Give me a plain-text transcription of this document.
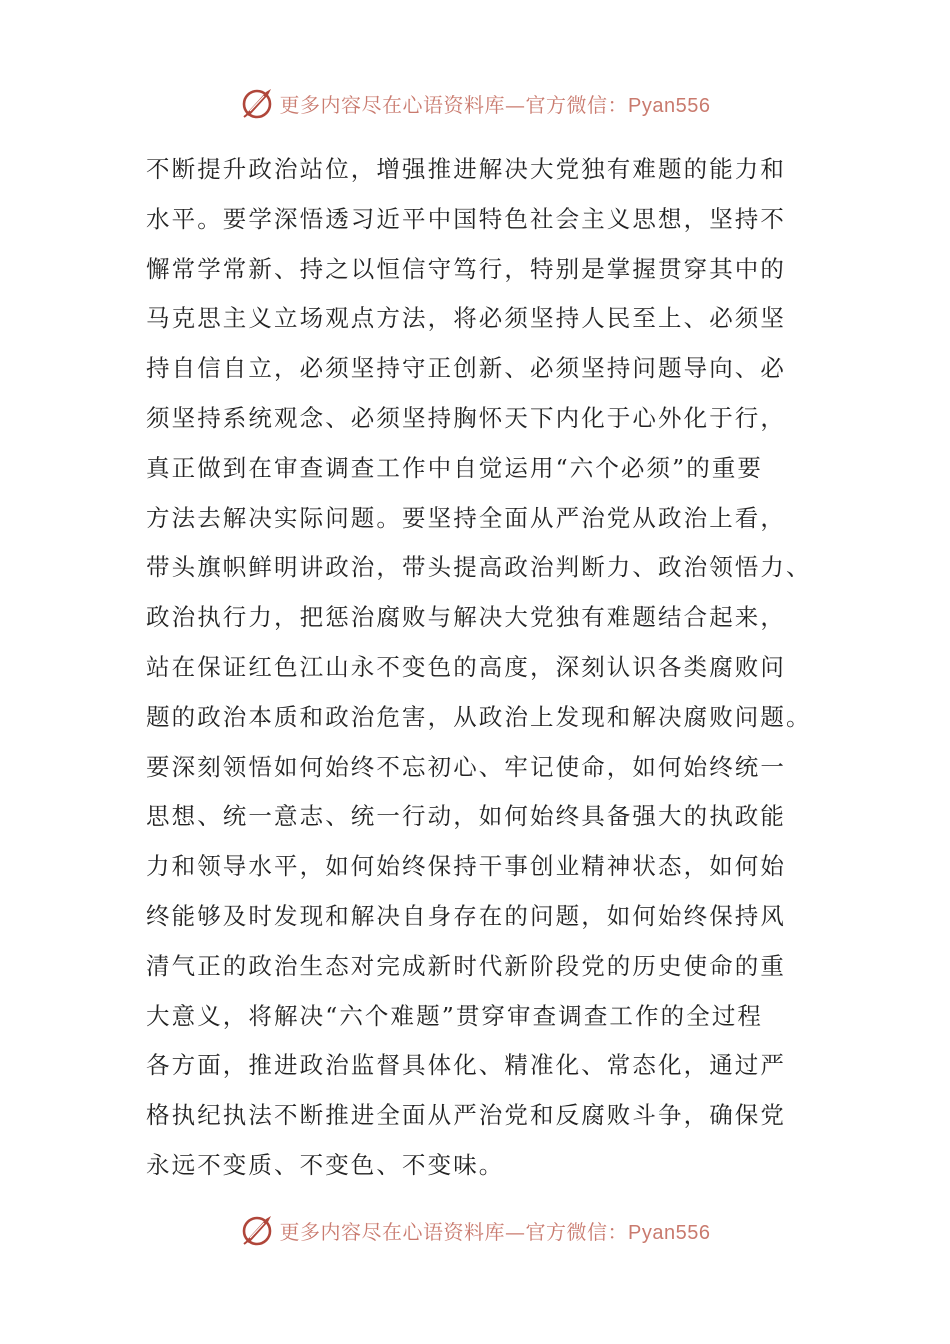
更多内容尽在心语资料库—官方微信：Pyan556
不断提升政治站位，增强推进解决大党独有难题的能力和
水平。要学深悟透习近平中国特色社会主义思想，坚持不
懈常学常新、持之以恒信守笃行，特别是掌握贯穿其中的
马克思主义立场观点方法，将必须坚持人民至上、必须坚
持自信自立，必须坚持守正创新、必须坚持问题导向、必
须坚持系统观念、必须坚持胸怀天下内化于心外化于行，
真正做到在审查调查工作中自觉运用“六个必须”的重要
方法去解决实际问题。要坚持全面从严治党从政治上看，
带头旗帜鲜明讲政治，带头提高政治判断力、政治领悟力、
政治执行力，把惩治腐败与解决大党独有难题结合起来，
站在保证红色江山永不变色的高度，深刻认识各类腐败问
题的政治本质和政治危害，从政治上发现和解决腐败问题。
要深刻领悟如何始终不忘初心、牢记使命，如何始终统一
思想、统一意志、统一行动，如何始终具备强大的执政能
力和领导水平，如何始终保持干事创业精神状态，如何始
终能够及时发现和解决自身存在的问题，如何始终保持风
清气正的政治生态对完成新时代新阶段党的历史使命的重
大意义，将解决“六个难题”贯穿审查调查工作的全过程
各方面，推进政治监督具体化、精准化、常态化，通过严
格执纪执法不断推进全面从严治党和反腐败斗争，确保党
永远不变质、不变色、不变味。
更多内容尽在心语资料库—官方微信：Pyan556
